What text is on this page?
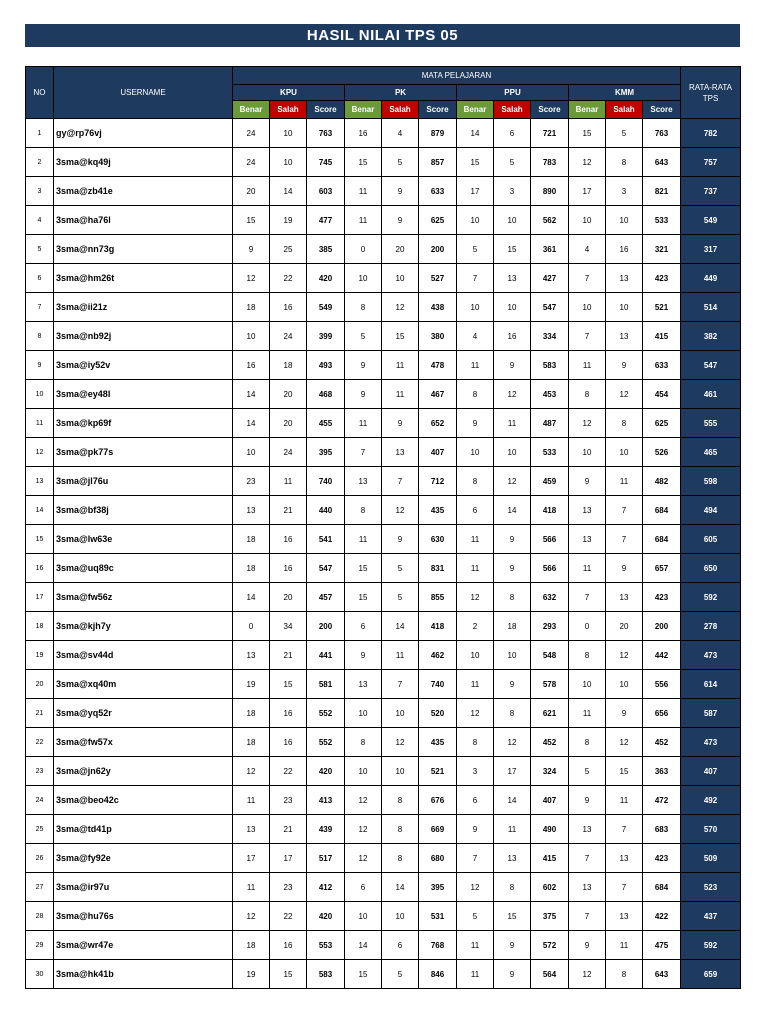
HASIL NILAI TPS 05
NO	USERNAME	MATA PELAJARAN												RATA-RATA TPS
		KPU			PK			PPU			KMM			
		Benar	Salah	Score	Benar	Salah	Score	Benar	Salah	Score	Benar	Salah	Score	
1	gy@rp76vj	24	10	763	16	4	879	14	6	721	15	5	763	782
2	3sma@kq49j	24	10	745	15	5	857	15	5	783	12	8	643	757
3	3sma@zb41e	20	14	603	11	9	633	17	3	890	17	3	821	737
4	3sma@ha76l	15	19	477	11	9	625	10	10	562	10	10	533	549
5	3sma@nn73g	9	25	385	0	20	200	5	15	361	4	16	321	317
6	3sma@hm26t	12	22	420	10	10	527	7	13	427	7	13	423	449
7	3sma@ii21z	18	16	549	8	12	438	10	10	547	10	10	521	514
8	3sma@nb92j	10	24	399	5	15	380	4	16	334	7	13	415	382
9	3sma@iy52v	16	18	493	9	11	478	11	9	583	11	9	633	547
10	3sma@ey48l	14	20	468	9	11	467	8	12	453	8	12	454	461
11	3sma@kp69f	14	20	455	11	9	652	9	11	487	12	8	625	555
12	3sma@pk77s	10	24	395	7	13	407	10	10	533	10	10	526	465
13	3sma@jl76u	23	11	740	13	7	712	8	12	459	9	11	482	598
14	3sma@bf38j	13	21	440	8	12	435	6	14	418	13	7	684	494
15	3sma@lw63e	18	16	541	11	9	630	11	9	566	13	7	684	605
16	3sma@uq89c	18	16	547	15	5	831	11	9	566	11	9	657	650
17	3sma@fw56z	14	20	457	15	5	855	12	8	632	7	13	423	592
18	3sma@kjh7y	0	34	200	6	14	418	2	18	293	0	20	200	278
19	3sma@sv44d	13	21	441	9	11	462	10	10	548	8	12	442	473
20	3sma@xq40m	19	15	581	13	7	740	11	9	578	10	10	556	614
21	3sma@yq52r	18	16	552	10	10	520	12	8	621	11	9	656	587
22	3sma@fw57x	18	16	552	8	12	435	8	12	452	8	12	452	473
23	3sma@jn62y	12	22	420	10	10	521	3	17	324	5	15	363	407
24	3sma@beo42c	11	23	413	12	8	676	6	14	407	9	11	472	492
25	3sma@td41p	13	21	439	12	8	669	9	11	490	13	7	683	570
26	3sma@fy92e	17	17	517	12	8	680	7	13	415	7	13	423	509
27	3sma@ir97u	11	23	412	6	14	395	12	8	602	13	7	684	523
28	3sma@hu76s	12	22	420	10	10	531	5	15	375	7	13	422	437
29	3sma@wr47e	18	16	553	14	6	768	11	9	572	9	11	475	592
30	3sma@hk41b	19	15	583	15	5	846	11	9	564	12	8	643	659
